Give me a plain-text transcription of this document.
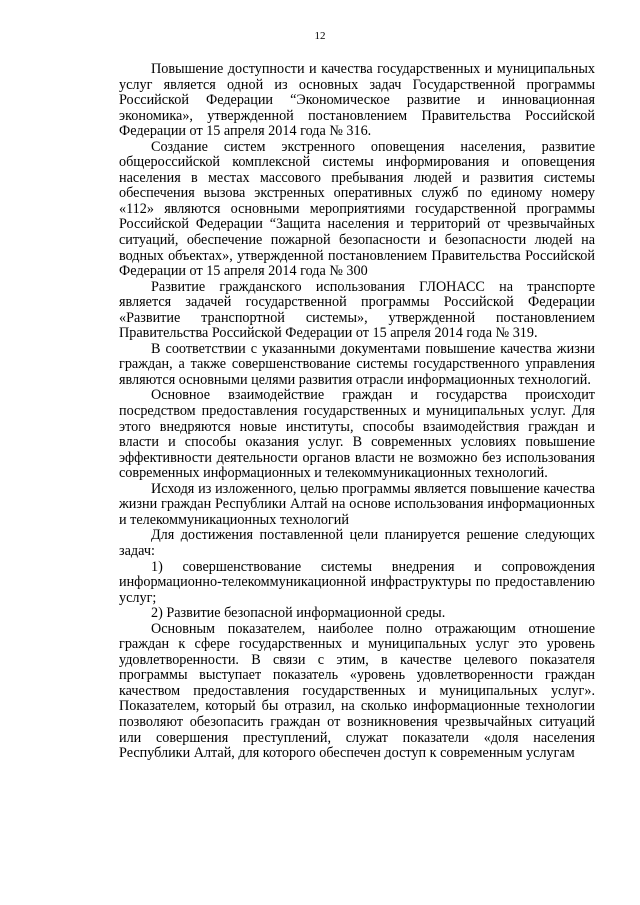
12

Повышение доступности и качества государственных и муниципальных услуг является одной из основных задач Государственной программы Российской Федерации “Экономическое развитие и инновационная экономика», утвержденной постановлением Правительства Российской Федерации от 15 апреля 2014 года № 316.

Создание систем экстренного оповещения населения, развитие общероссийской комплексной системы информирования и оповещения населения в местах массового пребывания людей и развития системы обеспечения вызова экстренных оперативных служб по единому номеру «112» являются основными мероприятиями государственной программы Российской Федерации “Защита населения и территорий от чрезвычайных ситуаций, обеспечение пожарной безопасности и безопасности людей на водных объектах», утвержденной постановлением Правительства Российской Федерации от 15 апреля 2014 года № 300

Развитие гражданского использования ГЛОНАСС на транспорте является задачей государственной программы Российской Федерации «Развитие транспортной системы», утвержденной постановлением Правительства Российской Федерации от 15 апреля 2014 года № 319.

В соответствии с указанными документами повышение качества жизни граждан, а также совершенствование системы государственного управления являются основными целями развития отрасли информационных технологий.

Основное взаимодействие граждан и государства происходит посредством предоставления государственных и муниципальных услуг. Для этого внедряются новые институты, способы взаимодействия граждан и власти и способы оказания услуг. В современных условиях повышение эффективности деятельности органов власти не возможно без использования современных информационных и телекоммуникационных технологий.

Исходя из изложенного, целью программы является повышение качества жизни граждан Республики Алтай на основе использования информационных и телекоммуникационных технологий

Для достижения поставленной цели планируется решение следующих задач:

1) совершенствование системы внедрения и сопровождения информационно-телекоммуникационной инфраструктуры по предоставлению услуг;

2) Развитие безопасной информационной среды.

Основным показателем, наиболее полно отражающим отношение граждан к сфере государственных и муниципальных услуг это уровень удовлетворенности. В связи с этим, в качестве целевого показателя программы выступает показатель «уровень удовлетворенности граждан качеством предоставления государственных и муниципальных услуг». Показателем, который бы отразил, на сколько информационные технологии позволяют обезопасить граждан от возникновения чрезвычайных ситуаций или совершения преступлений, служат показатели «доля населения Республики Алтай, для которого обеспечен доступ к современным услугам
